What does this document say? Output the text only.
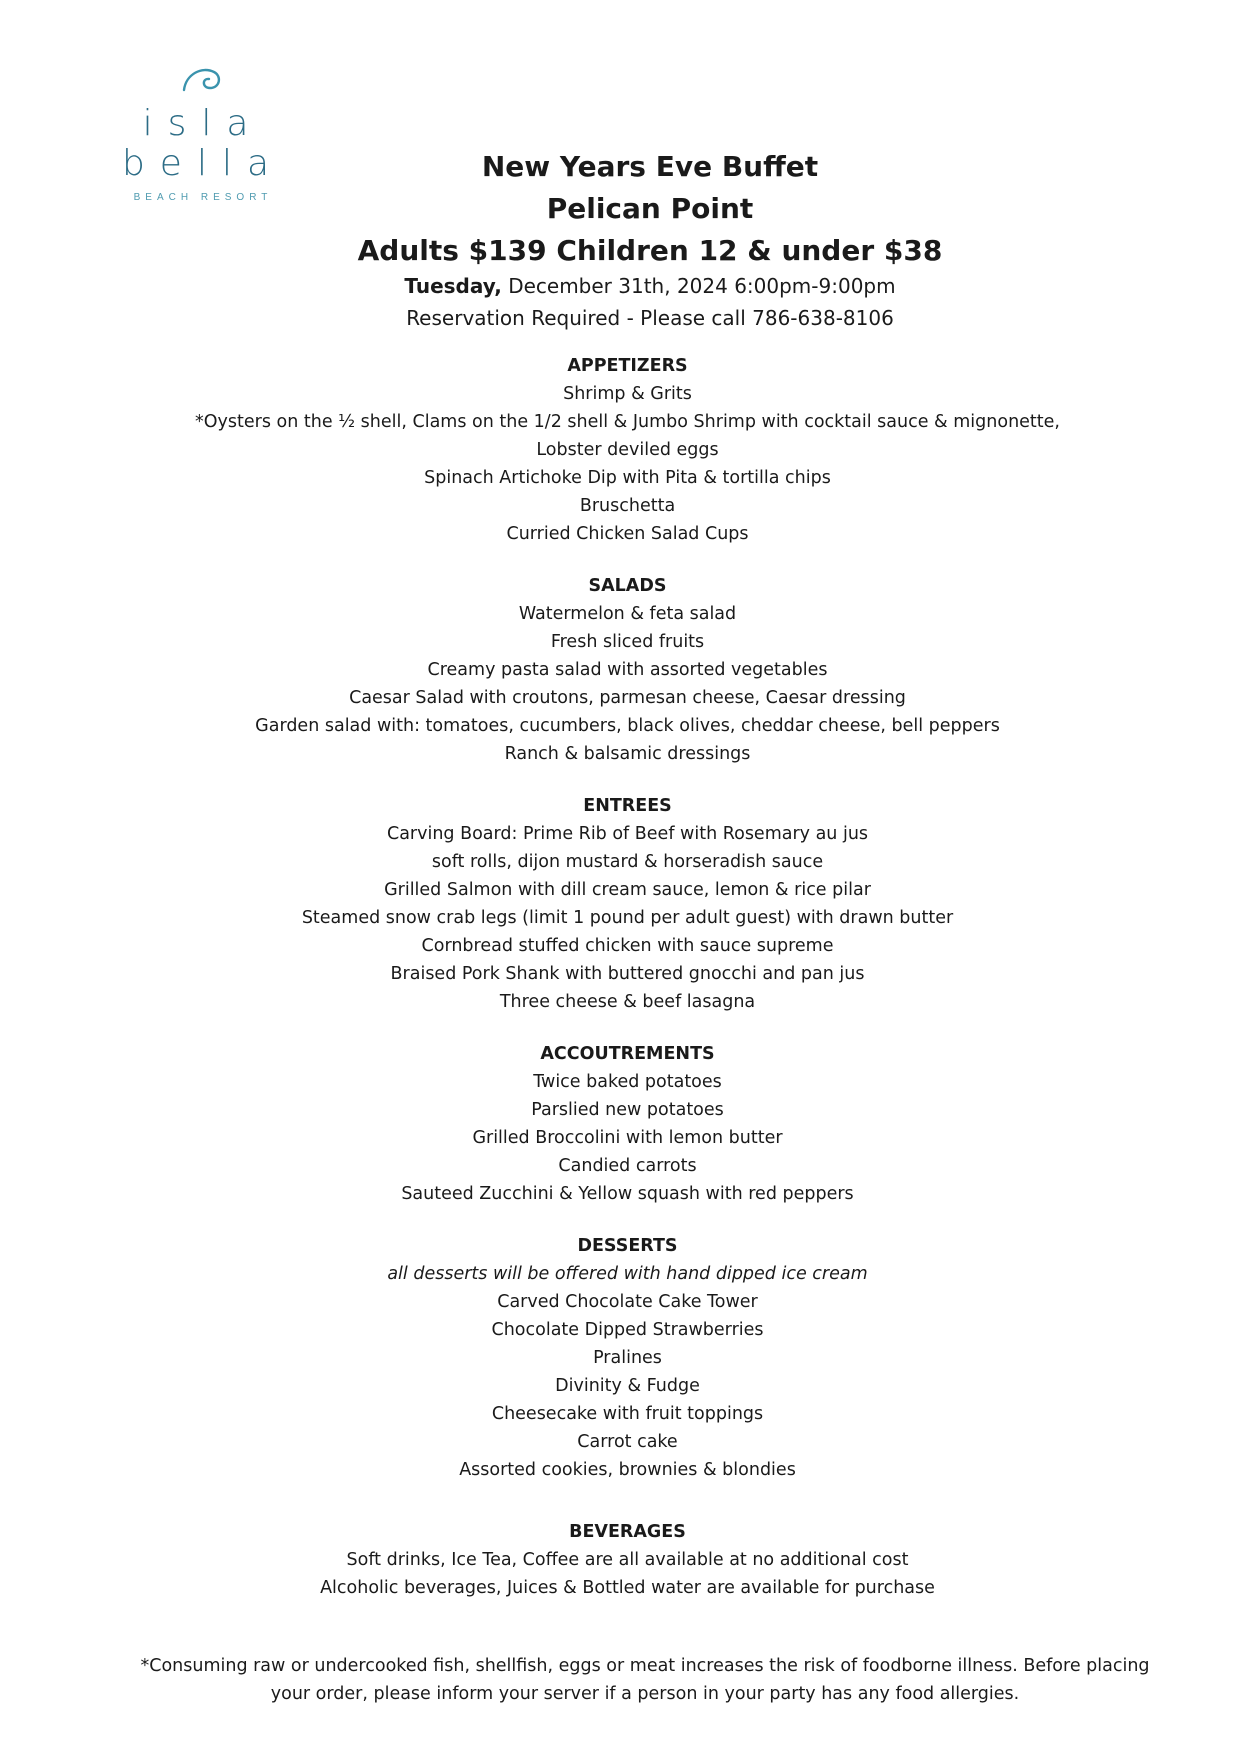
isla
bella
BEACH RESORT
New Years Eve Buffet
Pelican Point
Adults $139 Children 12 & under $38
Tuesday, December 31th, 2024 6:00pm-9:00pm
Reservation Required - Please call 786-638-8106
APPETIZERS
Shrimp & Grits
*Oysters on the ½ shell, Clams on the 1/2 shell & Jumbo Shrimp with cocktail sauce & mignonette,
Lobster deviled eggs
Spinach Artichoke Dip with Pita & tortilla chips
Bruschetta
Curried Chicken Salad Cups
SALADS
Watermelon & feta salad
Fresh sliced fruits
Creamy pasta salad with assorted vegetables
Caesar Salad with croutons, parmesan cheese, Caesar dressing
Garden salad with: tomatoes, cucumbers, black olives, cheddar cheese, bell peppers
Ranch & balsamic dressings
ENTREES
Carving Board: Prime Rib of Beef with Rosemary au jus
soft rolls, dijon mustard & horseradish sauce
Grilled Salmon with dill cream sauce, lemon & rice pilar
Steamed snow crab legs (limit 1 pound per adult guest) with drawn butter
Cornbread stuffed chicken with sauce supreme
Braised Pork Shank with buttered gnocchi and pan jus
Three cheese & beef lasagna
ACCOUTREMENTS
Twice baked potatoes
Parslied new potatoes
Grilled Broccolini with lemon butter
Candied carrots
Sauteed Zucchini & Yellow squash with red peppers
DESSERTS
all desserts will be offered with hand dipped ice cream
Carved Chocolate Cake Tower
Chocolate Dipped Strawberries
Pralines
Divinity & Fudge
Cheesecake with fruit toppings
Carrot cake
Assorted cookies, brownies & blondies
BEVERAGES
Soft drinks, Ice Tea, Coffee are all available at no additional cost
Alcoholic beverages, Juices & Bottled water are available for purchase
*Consuming raw or undercooked fish, shellfish, eggs or meat increases the risk of foodborne illness. Before placing
your order, please inform your server if a person in your party has any food allergies.
